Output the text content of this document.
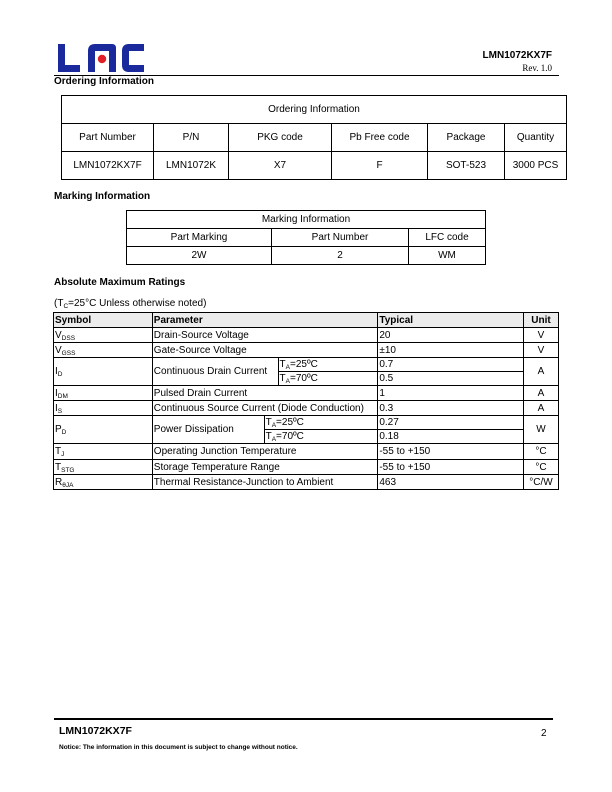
LMN1072KX7F
Rev. 1.0
Ordering Information
Ordering Information					
Part Number	P/N	PKG code	Pb Free code	Package	Quantity
LMN1072KX7F	LMN1072K	X7	F	SOT-523	3000 PCS
Marking Information
Marking Information		
Part Marking	Part Number	LFC code
2W	2	WM
Absolute Maximum Ratings
($T_C=25^\circ C$ Unless otherwise noted)
Symbol	Parameter			Typical	Unit
$V_{DSS}$	Drain-Source Voltage			20	V
$V_{GSS}$	Gate-Source Voltage			±10	V
$I_D$	Continuous Drain Current		$T_A=25ºC$	0.7	A
			$T_A=70ºC$	0.5	
$I_{DM}$	Pulsed Drain Current			1	A
$I_S$	Continuous Source Current (Diode Conduction)			0.3	A
$P_D$	Power Dissipation	$T_A=25ºC$		0.27	W
		$T_A=70ºC$		0.18	
$T_J$	Operating Junction Temperature			-55 to +150	°C
$T_{STG}$	Storage Temperature Range			-55 to +150	°C
$R_{\theta JA}$	Thermal Resistance-Junction to Ambient			463	°C/W
LMN1072KX7F	2
Notice: The information in this document is subject to change without notice.
